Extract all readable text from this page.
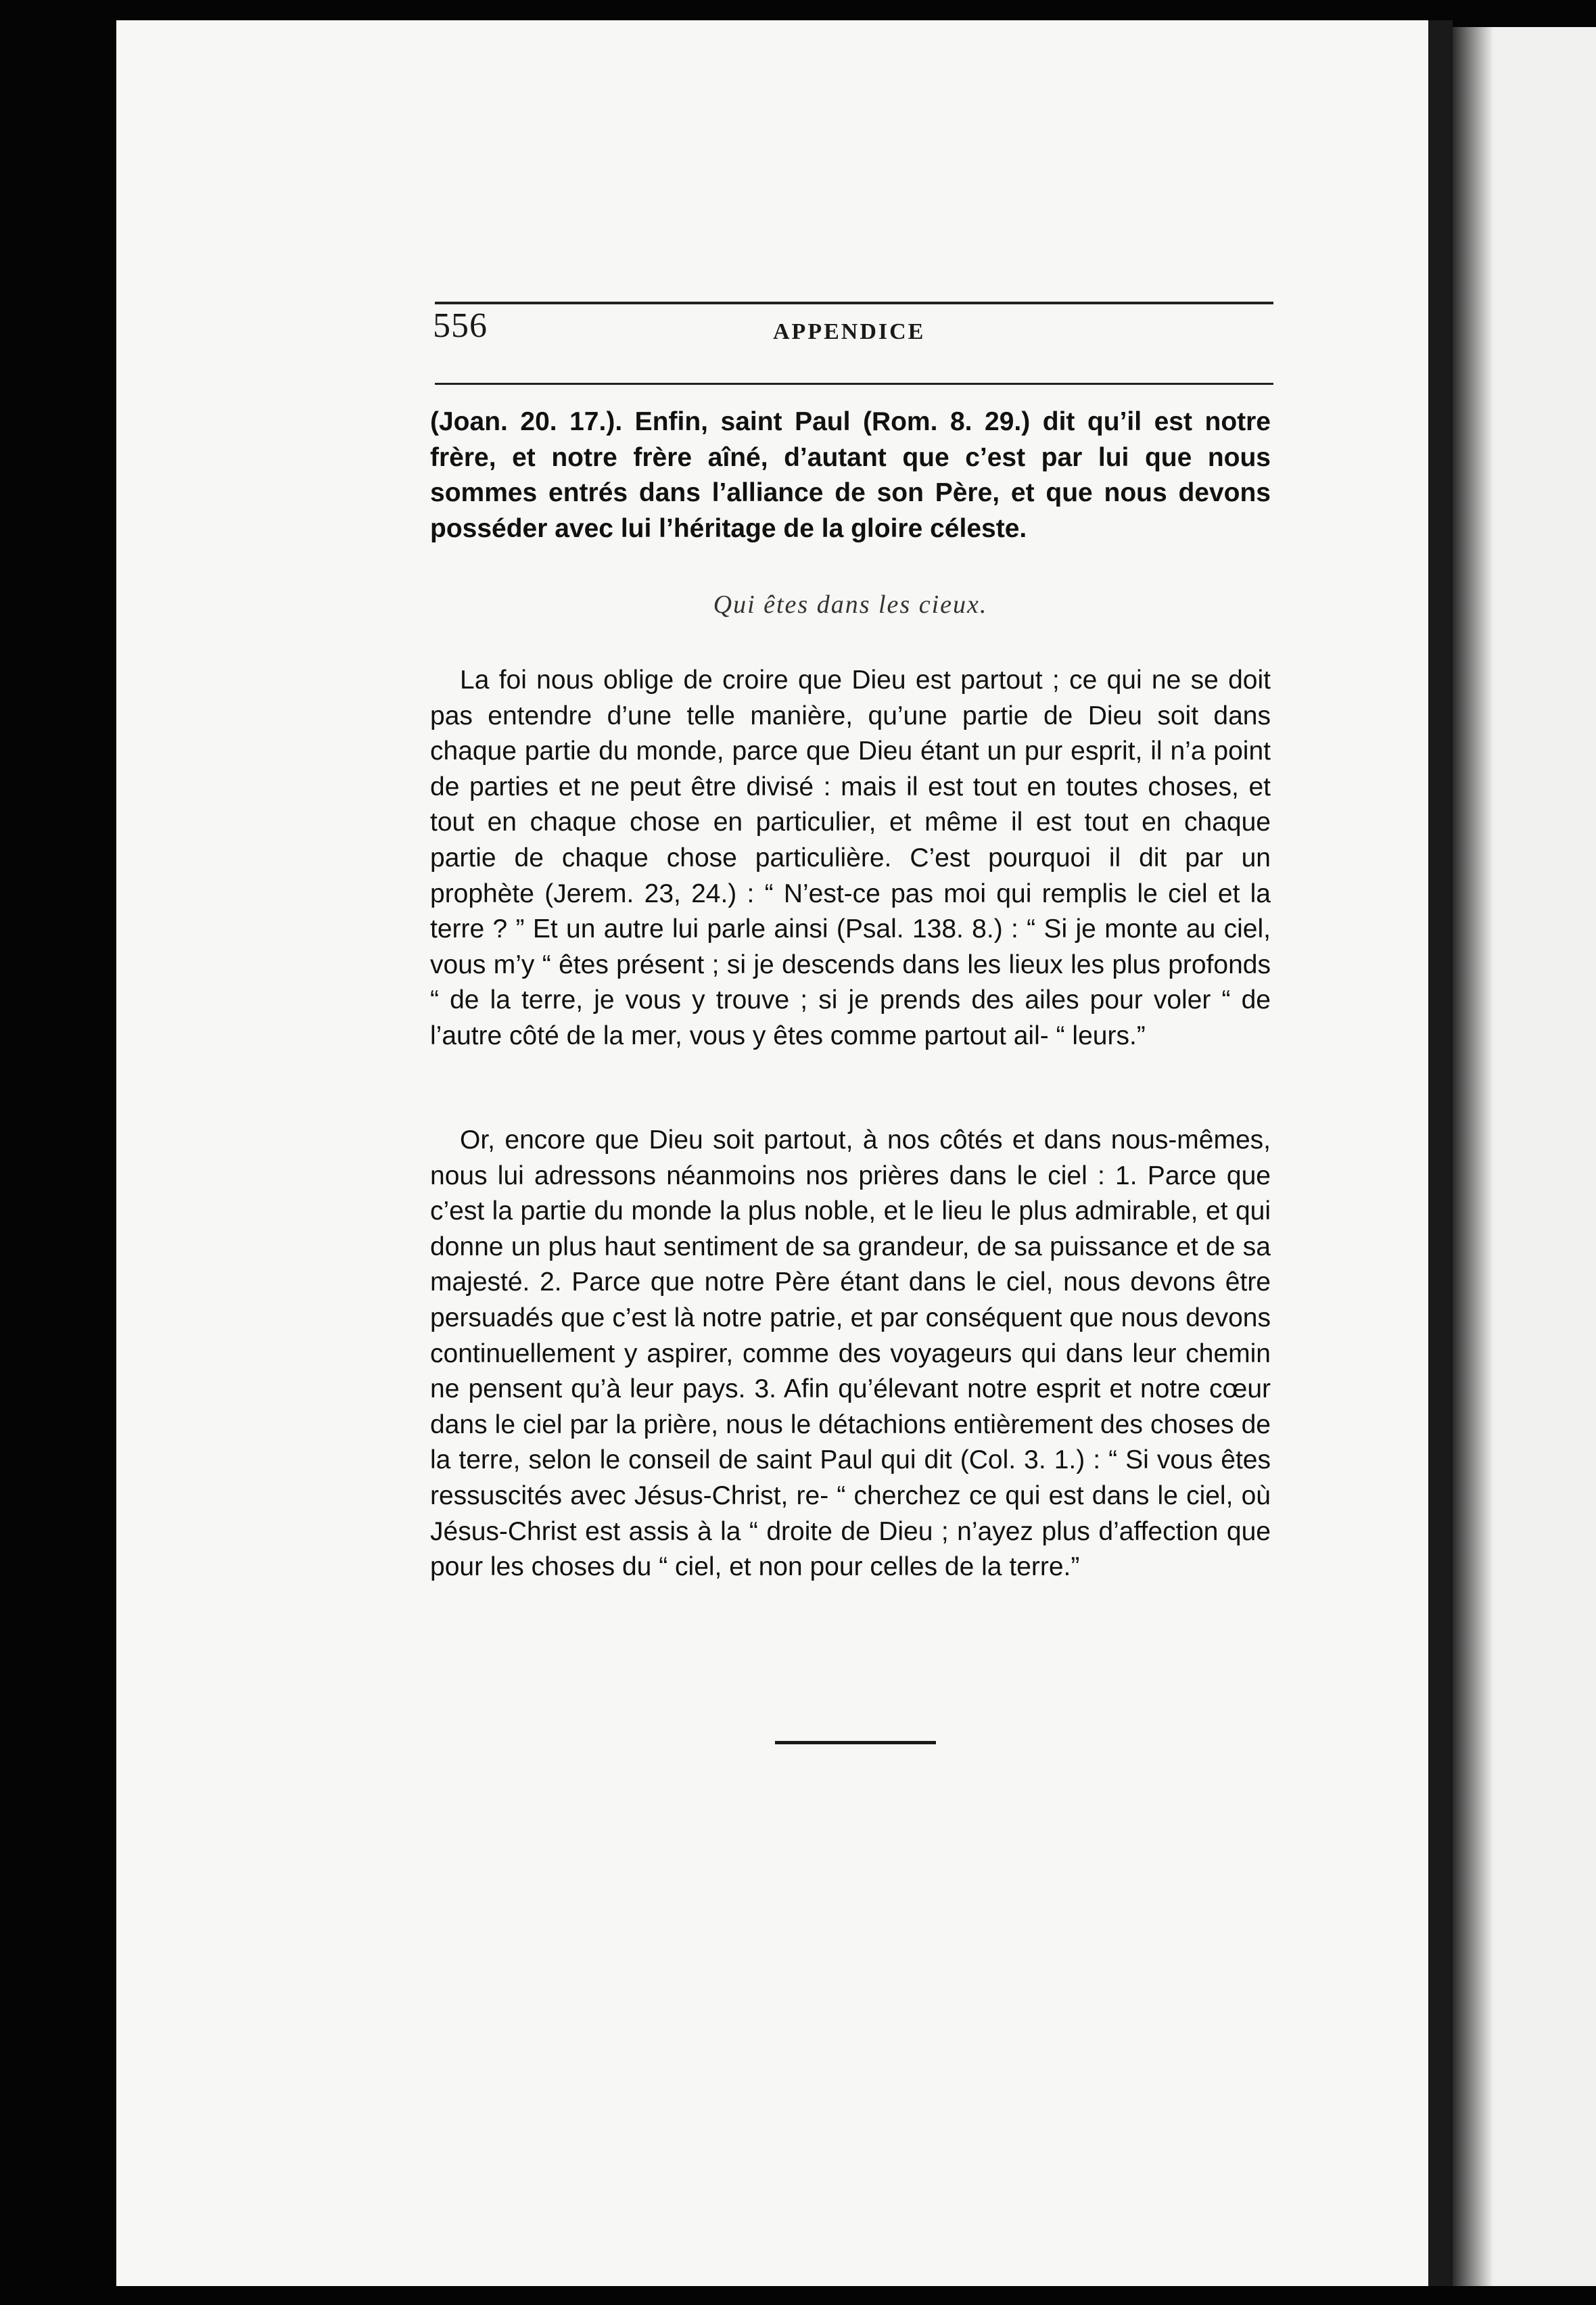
556	APPENDICE
(Joan. 20. 17.). Enfin, saint Paul (Rom. 8. 29.) dit qu’il est notre frère, et notre frère aîné, d’autant que c’est par lui que nous sommes entrés dans l’alliance de son Père, et que nous devons posséder avec lui l’héritage de la gloire céleste.
Qui êtes dans les cieux.
La foi nous oblige de croire que Dieu est partout ; ce qui ne se doit pas entendre d’une telle manière, qu’une partie de Dieu soit dans chaque partie du monde, parce que Dieu étant un pur esprit, il n’a point de parties et ne peut être divisé : mais il est tout en toutes choses, et tout en chaque chose en particulier, et même il est tout en chaque partie de chaque chose particulière. C’est pourquoi il dit par un prophète (Jerem. 23, 24.) : “ N’est-ce pas moi qui remplis le ciel et la terre ? ” Et un autre lui parle ainsi (Psal. 138. 8.) : “ Si je monte au ciel, vous m’y “ êtes présent ; si je descends dans les lieux les plus profonds “ de la terre, je vous y trouve ; si je prends des ailes pour voler “ de l’autre côté de la mer, vous y êtes comme partout ail- “ leurs.”
Or, encore que Dieu soit partout, à nos côtés et dans nous-mêmes, nous lui adressons néanmoins nos prières dans le ciel : 1. Parce que c’est la partie du monde la plus noble, et le lieu le plus admirable, et qui donne un plus haut sentiment de sa grandeur, de sa puissance et de sa majesté. 2. Parce que notre Père étant dans le ciel, nous devons être persuadés que c’est là notre patrie, et par conséquent que nous devons continuellement y aspirer, comme des voyageurs qui dans leur chemin ne pensent qu’à leur pays. 3. Afin qu’élevant notre esprit et notre cœur dans le ciel par la prière, nous le détachions entièrement des choses de la terre, selon le conseil de saint Paul qui dit (Col. 3. 1.) : “ Si vous êtes ressuscités avec Jésus-Christ, re- “ cherchez ce qui est dans le ciel, où Jésus-Christ est assis à la “ droite de Dieu ; n’ayez plus d’affection que pour les choses du “ ciel, et non pour celles de la terre.”
